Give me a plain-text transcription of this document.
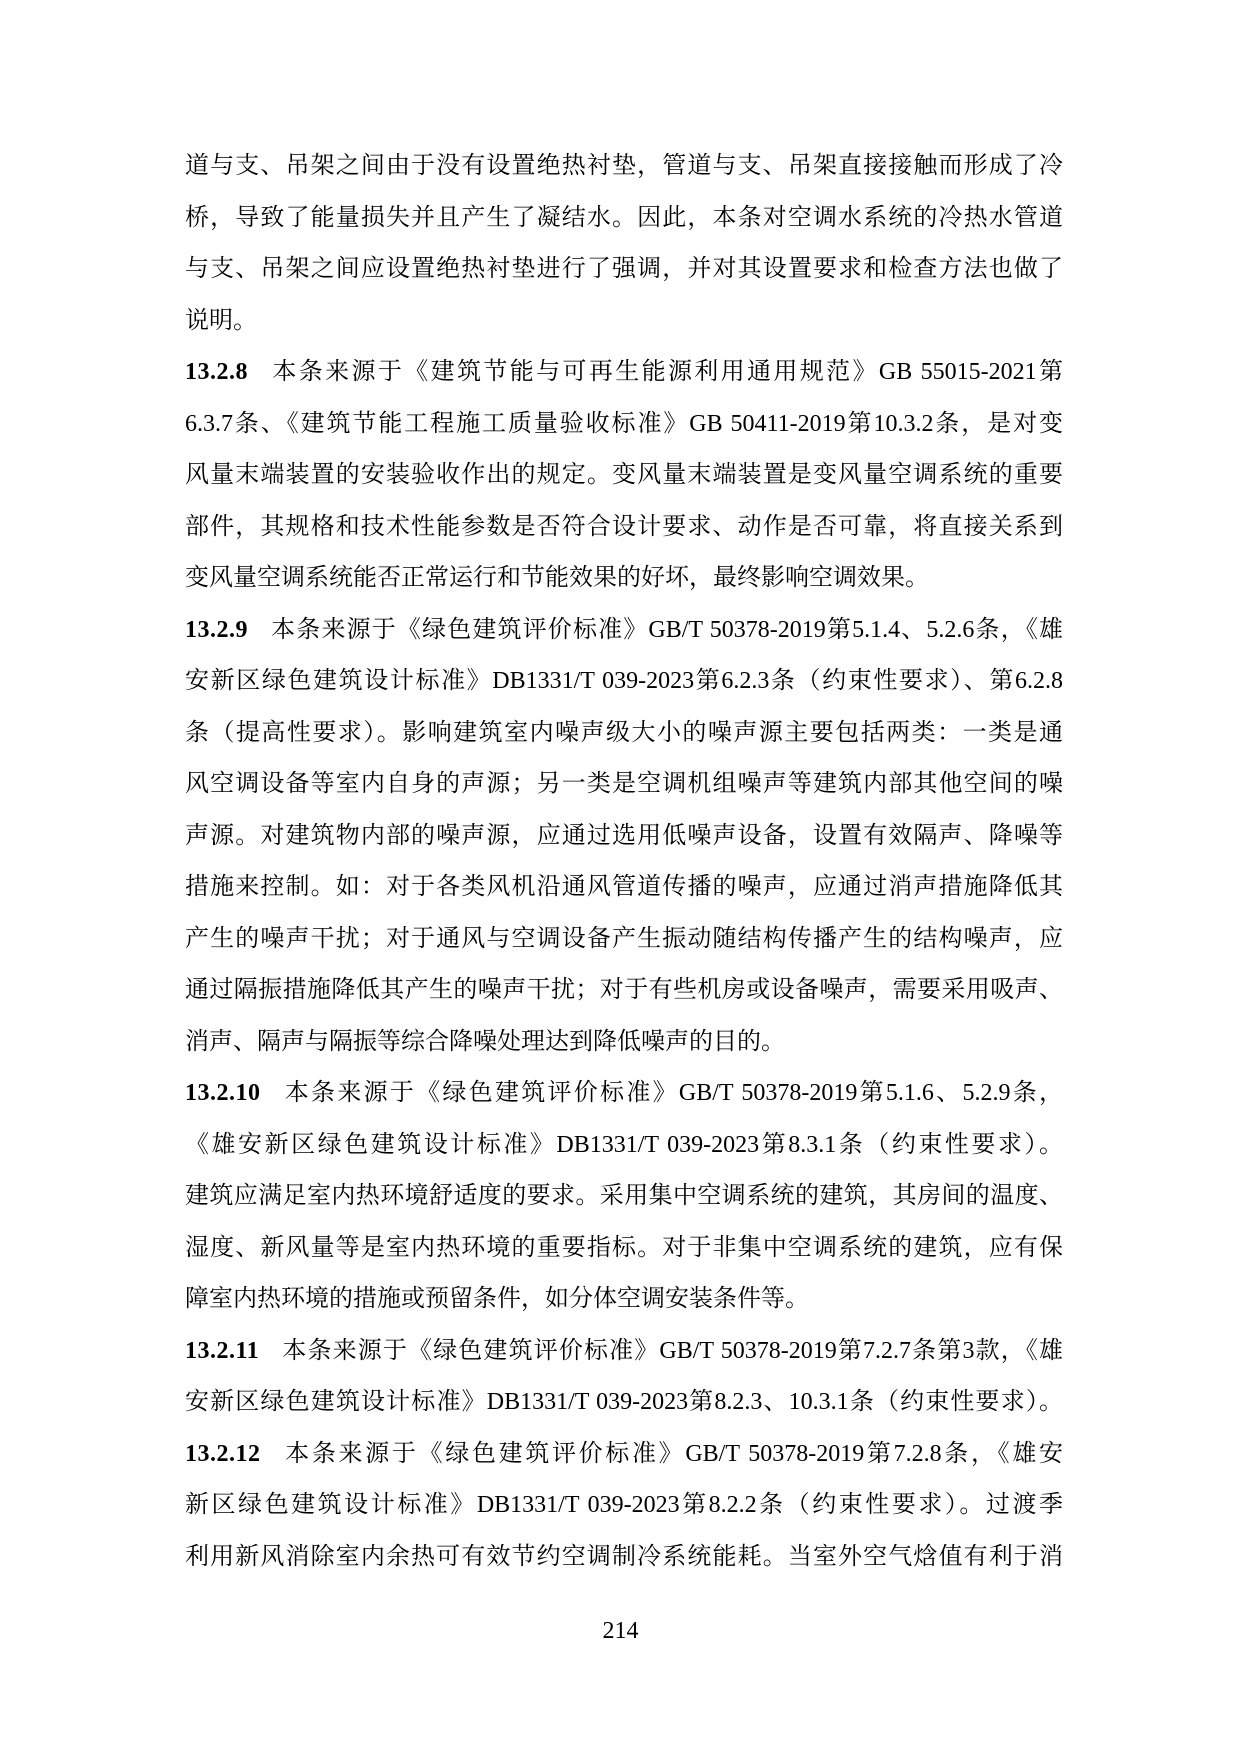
道与支、吊架之间由于没有设置绝热衬垫，管道与支、吊架直接接触而形成了冷
桥，导致了能量损失并且产生了凝结水。因此，本条对空调水系统的冷热水管道
与支、吊架之间应设置绝热衬垫进行了强调，并对其设置要求和检查方法也做了
说明。
13.2.8 本条来源于《建筑节能与可再生能源利用通用规范》GB 55015-2021第
6.3.7条、《建筑节能工程施工质量验收标准》GB 50411-2019第10.3.2条，是对变
风量末端装置的安装验收作出的规定。变风量末端装置是变风量空调系统的重要
部件，其规格和技术性能参数是否符合设计要求、动作是否可靠，将直接关系到
变风量空调系统能否正常运行和节能效果的好坏，最终影响空调效果。
13.2.9 本条来源于《绿色建筑评价标准》GB/T 50378-2019第5.1.4、5.2.6条，《雄
安新区绿色建筑设计标准》DB1331/T 039-2023第6.2.3条（约束性要求）、第6.2.8
条（提高性要求）。影响建筑室内噪声级大小的噪声源主要包括两类：一类是通
风空调设备等室内自身的声源；另一类是空调机组噪声等建筑内部其他空间的噪
声源。对建筑物内部的噪声源，应通过选用低噪声设备，设置有效隔声、降噪等
措施来控制。如：对于各类风机沿通风管道传播的噪声，应通过消声措施降低其
产生的噪声干扰；对于通风与空调设备产生振动随结构传播产生的结构噪声，应
通过隔振措施降低其产生的噪声干扰；对于有些机房或设备噪声，需要采用吸声、
消声、隔声与隔振等综合降噪处理达到降低噪声的目的。
13.2.10 本条来源于《绿色建筑评价标准》GB/T 50378-2019第5.1.6、5.2.9条，
《雄安新区绿色建筑设计标准》DB1331/T 039-2023第8.3.1条（约束性要求）。
建筑应满足室内热环境舒适度的要求。采用集中空调系统的建筑，其房间的温度、
湿度、新风量等是室内热环境的重要指标。对于非集中空调系统的建筑，应有保
障室内热环境的措施或预留条件，如分体空调安装条件等。
13.2.11 本条来源于《绿色建筑评价标准》GB/T 50378-2019第7.2.7条第3款，《雄
安新区绿色建筑设计标准》DB1331/T 039-2023第8.2.3、10.3.1条（约束性要求）。
13.2.12 本条来源于《绿色建筑评价标准》GB/T 50378-2019第7.2.8条，《雄安
新区绿色建筑设计标准》DB1331/T 039-2023第8.2.2条（约束性要求）。过渡季
利用新风消除室内余热可有效节约空调制冷系统能耗。当室外空气焓值有利于消
214
